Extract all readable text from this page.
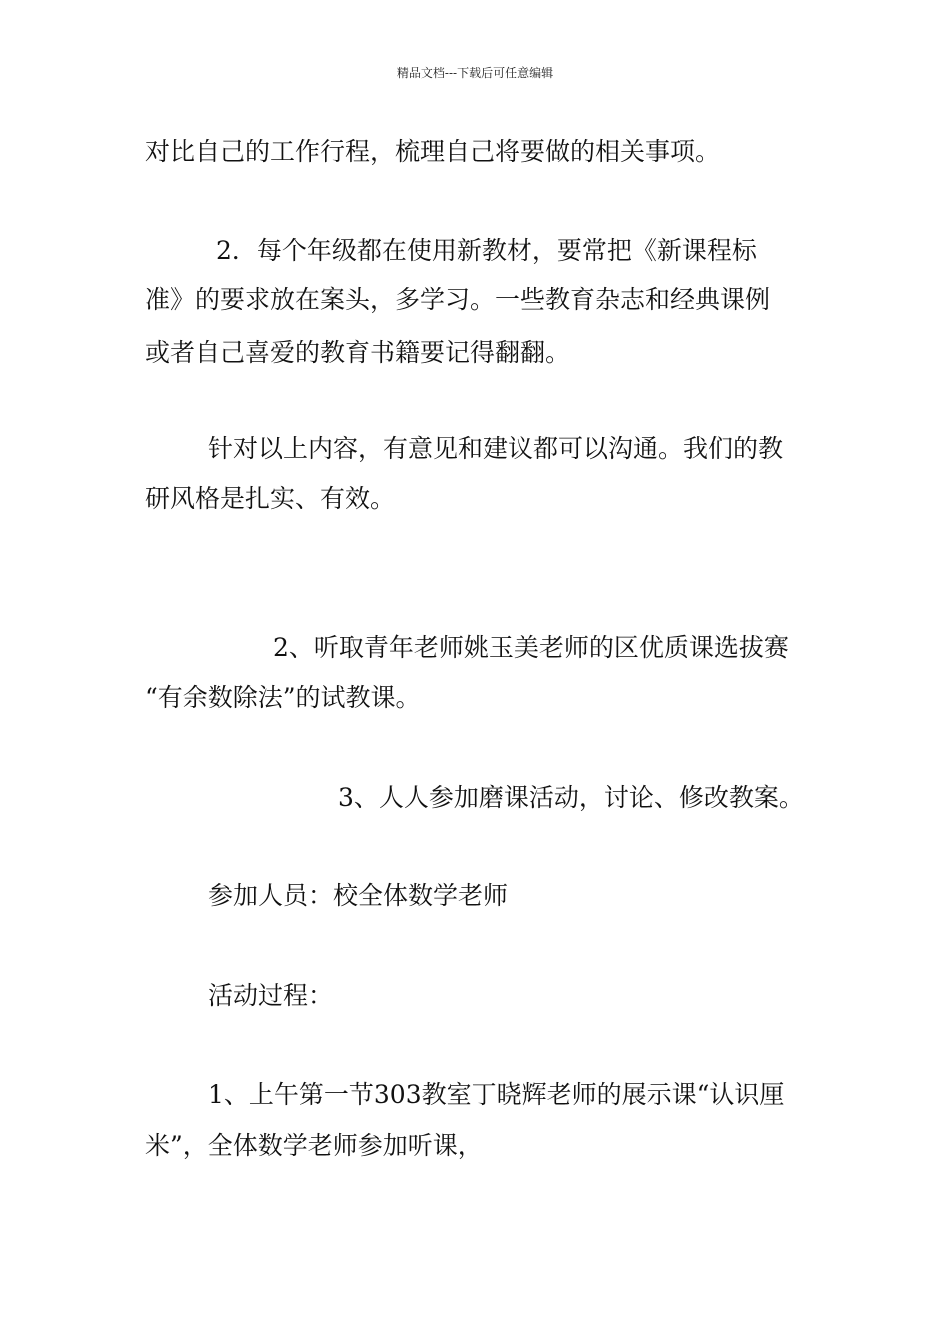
精品文档---下载后可任意编辑
对比自己的工作行程，梳理自己将要做的相关事项。
2．每个年级都在使用新教材，要常把《新课程标
准》的要求放在案头，多学习。一些教育杂志和经典课例
或者自己喜爱的教育书籍要记得翻翻。
针对以上内容，有意见和建议都可以沟通。我们的教
研风格是扎实、有效。
2、听取青年老师姚玉美老师的区优质课选拔赛
“有余数除法”的试教课。
3、人人参加磨课活动，讨论、修改教案。
参加人员：校全体数学老师
活动过程：
1、上午第一节303教室丁晓辉老师的展示课“认识厘
米”，全体数学老师参加听课，
